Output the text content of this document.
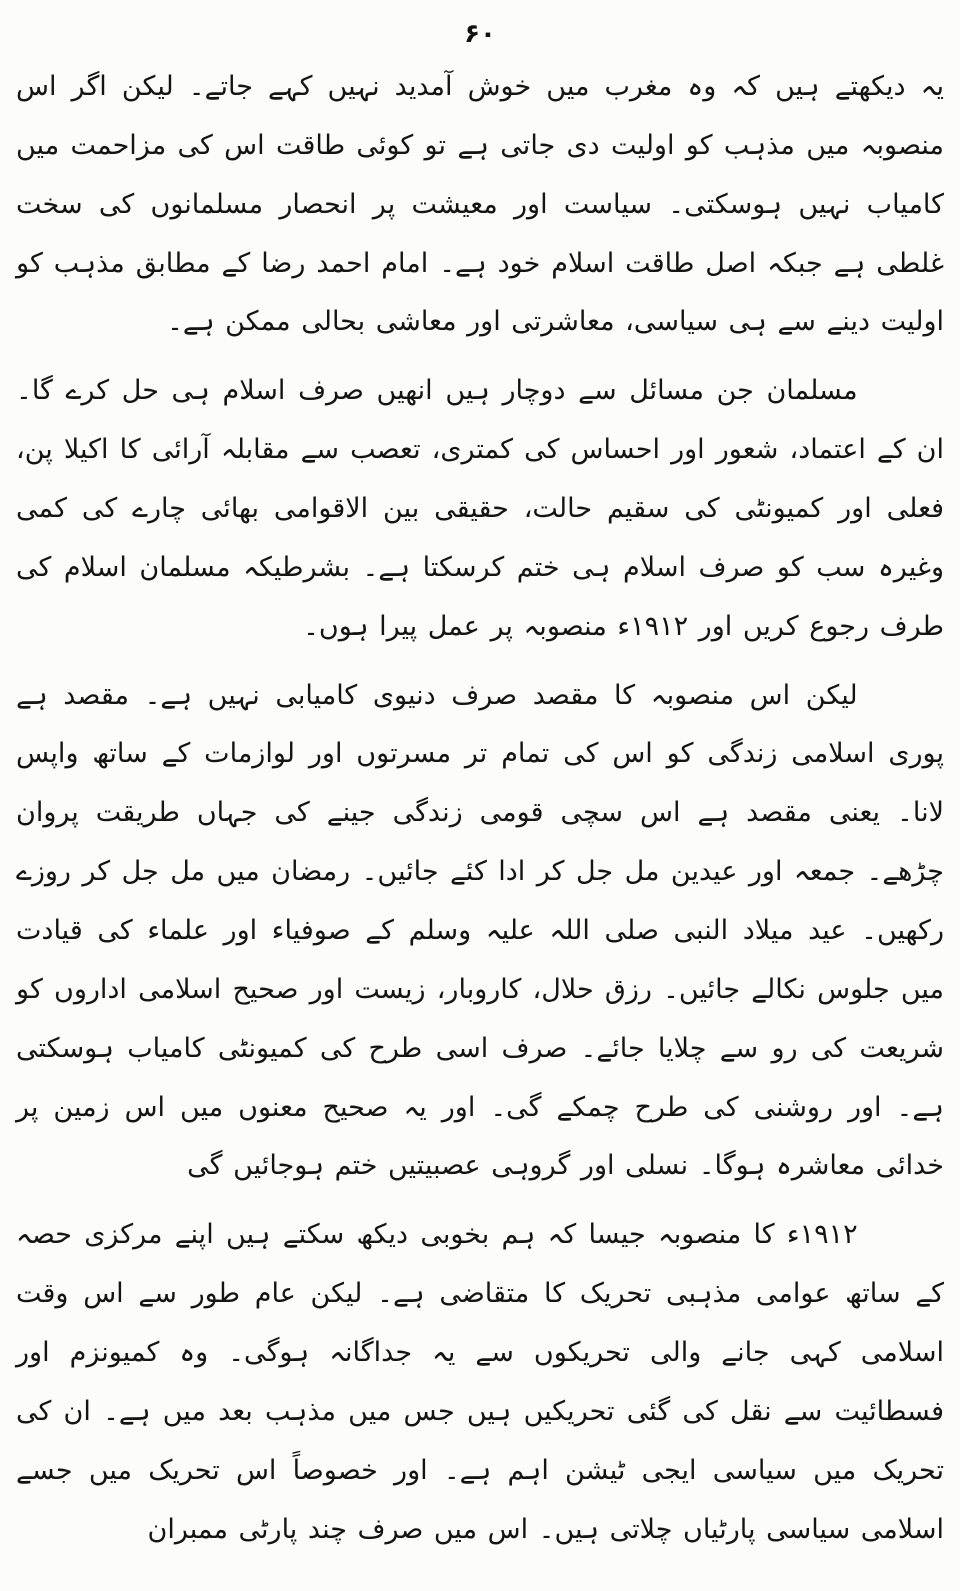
۶۰

یہ دیکھتے ہیں کہ وہ مغرب میں خوش آمدید نہیں کہے جاتے۔ لیکن اگر اس منصوبہ میں مذہب کو اولیت دی جاتی ہے تو کوئی طاقت اس کی مزاحمت میں کامیاب نہیں ہوسکتی۔ سیاست اور معیشت پر انحصار مسلمانوں کی سخت غلطی ہے جبکہ اصل طاقت اسلام خود ہے۔ امام احمد رضا کے مطابق مذہب کو اولیت دینے سے ہی سیاسی، معاشرتی اور معاشی بحالی ممکن ہے۔

مسلمان جن مسائل سے دوچار ہیں انھیں صرف اسلام ہی حل کرے گا۔ ان کے اعتماد، شعور اور احساس کی کمتری، تعصب سے مقابلہ آرائی کا اکیلا پن، فعلی اور کمیونٹی کی سقیم حالت، حقیقی بین الاقوامی بھائی چارے کی کمی وغیرہ سب کو صرف اسلام ہی ختم کرسکتا ہے۔ بشرطیکہ مسلمان اسلام کی طرف رجوع کریں اور ۱۹۱۲ء منصوبہ پر عمل پیرا ہوں۔

لیکن اس منصوبہ کا مقصد صرف دنیوی کامیابی نہیں ہے۔ مقصد ہے پوری اسلامی زندگی کو اس کی تمام تر مسرتوں اور لوازمات کے ساتھ واپس لانا۔ یعنی مقصد ہے اس سچی قومی زندگی جینے کی جہاں طریقت پروان چڑھے۔ جمعہ اور عیدین مل جل کر ادا کئے جائیں۔ رمضان میں مل جل کر روزے رکھیں۔ عید میلاد النبی صلی اللہ علیہ وسلم کے صوفیاء اور علماء کی قیادت میں جلوس نکالے جائیں۔ رزق حلال، کاروبار، زیست اور صحیح اسلامی اداروں کو شریعت کی رو سے چلایا جائے۔ صرف اسی طرح کی کمیونٹی کامیاب ہوسکتی ہے۔ اور روشنی کی طرح چمکے گی۔ اور یہ صحیح معنوں میں اس زمین پر خدائی معاشرہ ہوگا۔ نسلی اور گروہی عصبیتیں ختم ہوجائیں گی

۱۹۱۲ء کا منصوبہ جیسا کہ ہم بخوبی دیکھ سکتے ہیں اپنے مرکزی حصہ کے ساتھ عوامی مذہبی تحریک کا متقاضی ہے۔ لیکن عام طور سے اس وقت اسلامی کہی جانے والی تحریکوں سے یہ جداگانہ ہوگی۔ وہ کمیونزم اور فسطائیت سے نقل کی گئی تحریکیں ہیں جس میں مذہب بعد میں ہے۔ ان کی تحریک میں سیاسی ایجی ٹیشن اہم ہے۔ اور خصوصاً اس تحریک میں جسے اسلامی سیاسی پارٹیاں چلاتی ہیں۔ اس میں صرف چند پارٹی ممبران
